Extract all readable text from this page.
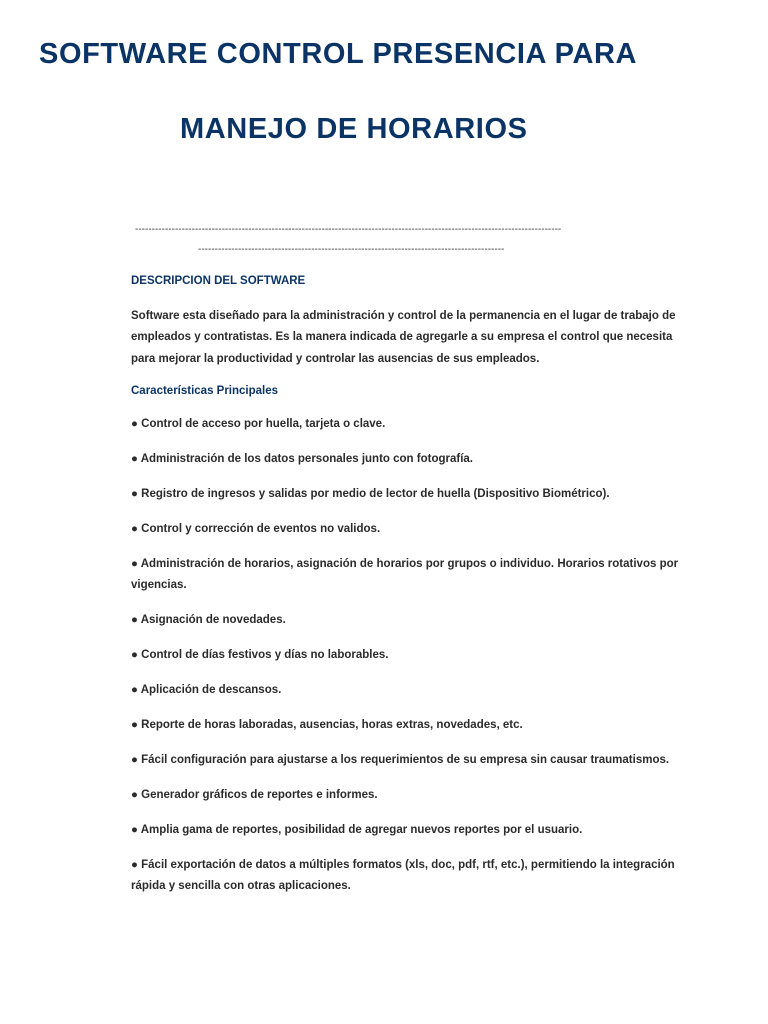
SOFTWARE CONTROL PRESENCIA PARA
MANEJO DE HORARIOS
--------------------------------------------------------------------------------------------------------------------------------
--------------------------------------------------------------------------------------------
DESCRIPCION DEL SOFTWARE

Software esta diseñado para la administración y control de la permanencia en el lugar de trabajo de empleados y contratistas. Es la manera indicada de agregarle a su empresa el control que necesita para mejorar la productividad y controlar las ausencias de sus empleados.

Características Principales
● Control de acceso por huella, tarjeta o clave.
● Administración de los datos personales junto con fotografía.
● Registro de ingresos y salidas por medio de lector de huella (Dispositivo Biométrico).
● Control y corrección de eventos no validos.
● Administración de horarios, asignación de horarios por grupos o individuo. Horarios rotativos por vigencias.
● Asignación de novedades.
● Control de días festivos y días no laborables.
● Aplicación de descansos.
● Reporte de horas laboradas, ausencias, horas extras, novedades, etc.
● Fácil configuración para ajustarse a los requerimientos de su empresa sin causar traumatismos.
● Generador gráficos de reportes e informes.
● Amplia gama de reportes, posibilidad de agregar nuevos reportes por el usuario.
● Fácil exportación de datos a múltiples formatos (xls, doc, pdf, rtf, etc.), permitiendo la integración rápida y sencilla con otras aplicaciones.
